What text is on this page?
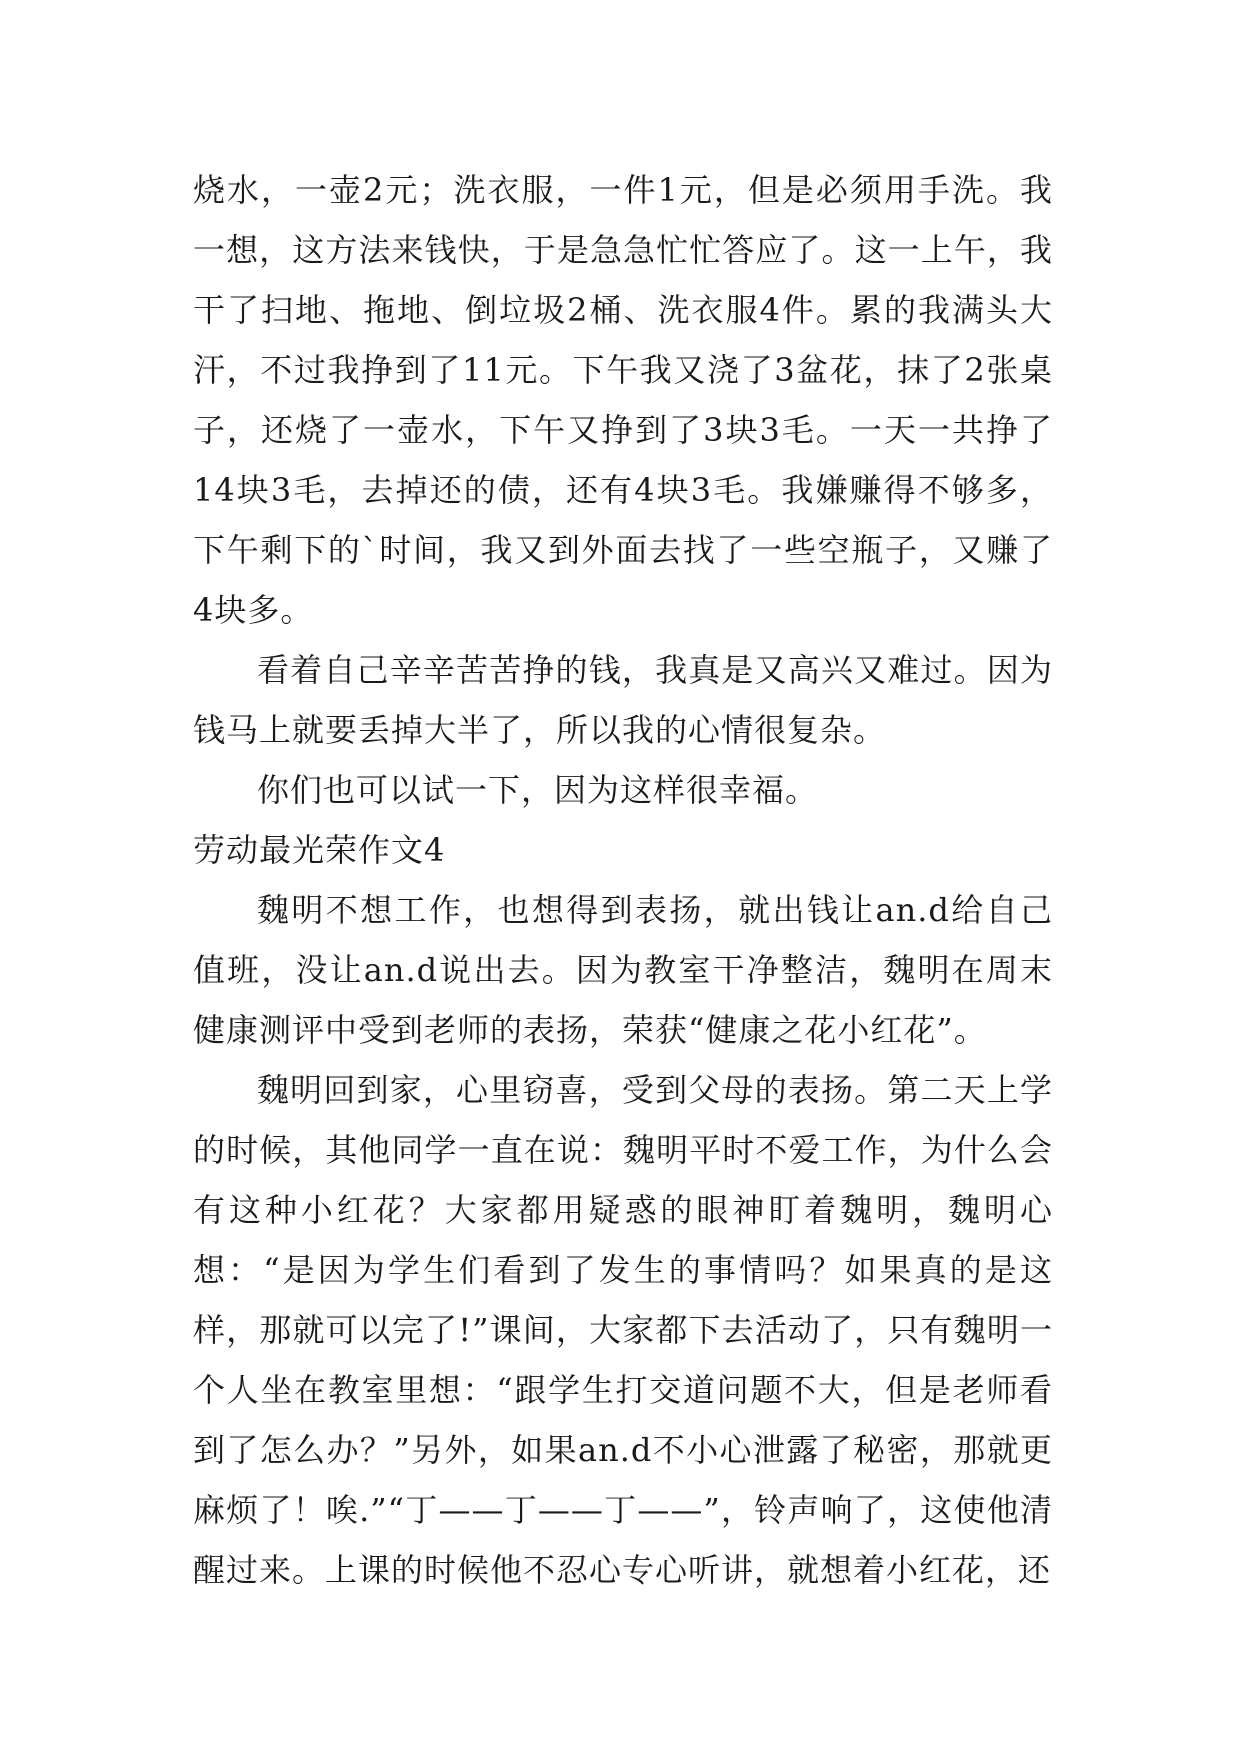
烧水，一壶2元；洗衣服，一件1元，但是必须用手洗。我一想，这方法来钱快，于是急急忙忙答应了。这一上午，我干了扫地、拖地、倒垃圾2桶、洗衣服4件。累的我满头大汗，不过我挣到了11元。下午我又浇了3盆花，抹了2张桌子，还烧了一壶水，下午又挣到了3块3毛。一天一共挣了14块3毛，去掉还的债，还有4块3毛。我嫌赚得不够多，下午剩下的`时间，我又到外面去找了一些空瓶子，又赚了4块多。

看着自己辛辛苦苦挣的钱，我真是又高兴又难过。因为钱马上就要丢掉大半了，所以我的心情很复杂。

你们也可以试一下，因为这样很幸福。

劳动最光荣作文4

魏明不想工作，也想得到表扬，就出钱让an.d给自己值班，没让an.d说出去。因为教室干净整洁，魏明在周末健康测评中受到老师的表扬，荣获“健康之花小红花”。

魏明回到家，心里窃喜，受到父母的表扬。第二天上学的时候，其他同学一直在说：魏明平时不爱工作，为什么会有这种小红花？大家都用疑惑的眼神盯着魏明，魏明心想：“是因为学生们看到了发生的事情吗？如果真的是这样，那就可以完了!”课间，大家都下去活动了，只有魏明一个人坐在教室里想：“跟学生打交道问题不大，但是老师看到了怎么办？”另外，如果an.d不小心泄露了秘密，那就更麻烦了！唉.”“丁——丁——丁——”，铃声响了，这使他清醒过来。上课的时候他不忍心专心听讲，就想着小红花，还
